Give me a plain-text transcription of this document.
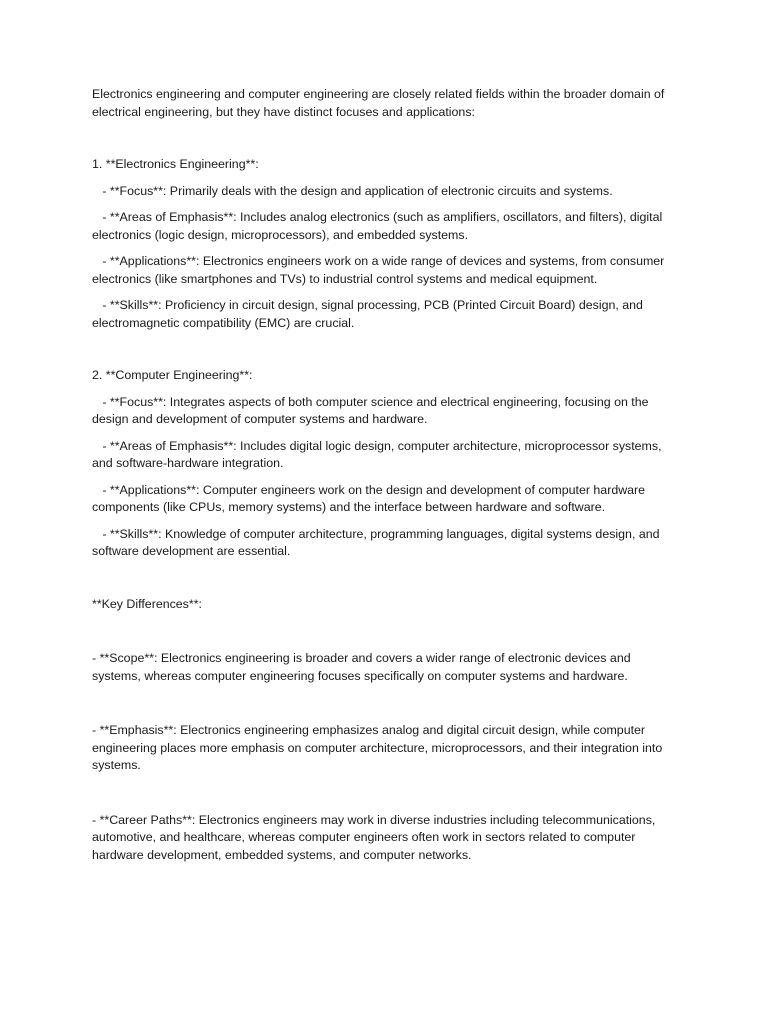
Electronics engineering and computer engineering are closely related fields within the broader domain of electrical engineering, but they have distinct focuses and applications:

1. **Electronics Engineering**:

- **Focus**: Primarily deals with the design and application of electronic circuits and systems.

- **Areas of Emphasis**: Includes analog electronics (such as amplifiers, oscillators, and filters), digital electronics (logic design, microprocessors), and embedded systems.

- **Applications**: Electronics engineers work on a wide range of devices and systems, from consumer electronics (like smartphones and TVs) to industrial control systems and medical equipment.

- **Skills**: Proficiency in circuit design, signal processing, PCB (Printed Circuit Board) design, and electromagnetic compatibility (EMC) are crucial.

2. **Computer Engineering**:

- **Focus**: Integrates aspects of both computer science and electrical engineering, focusing on the design and development of computer systems and hardware.

- **Areas of Emphasis**: Includes digital logic design, computer architecture, microprocessor systems, and software-hardware integration.

- **Applications**: Computer engineers work on the design and development of computer hardware components (like CPUs, memory systems) and the interface between hardware and software.

- **Skills**: Knowledge of computer architecture, programming languages, digital systems design, and software development are essential.

**Key Differences**:

- **Scope**: Electronics engineering is broader and covers a wider range of electronic devices and systems, whereas computer engineering focuses specifically on computer systems and hardware.

- **Emphasis**: Electronics engineering emphasizes analog and digital circuit design, while computer engineering places more emphasis on computer architecture, microprocessors, and their integration into systems.

- **Career Paths**: Electronics engineers may work in diverse industries including telecommunications, automotive, and healthcare, whereas computer engineers often work in sectors related to computer hardware development, embedded systems, and computer networks.
